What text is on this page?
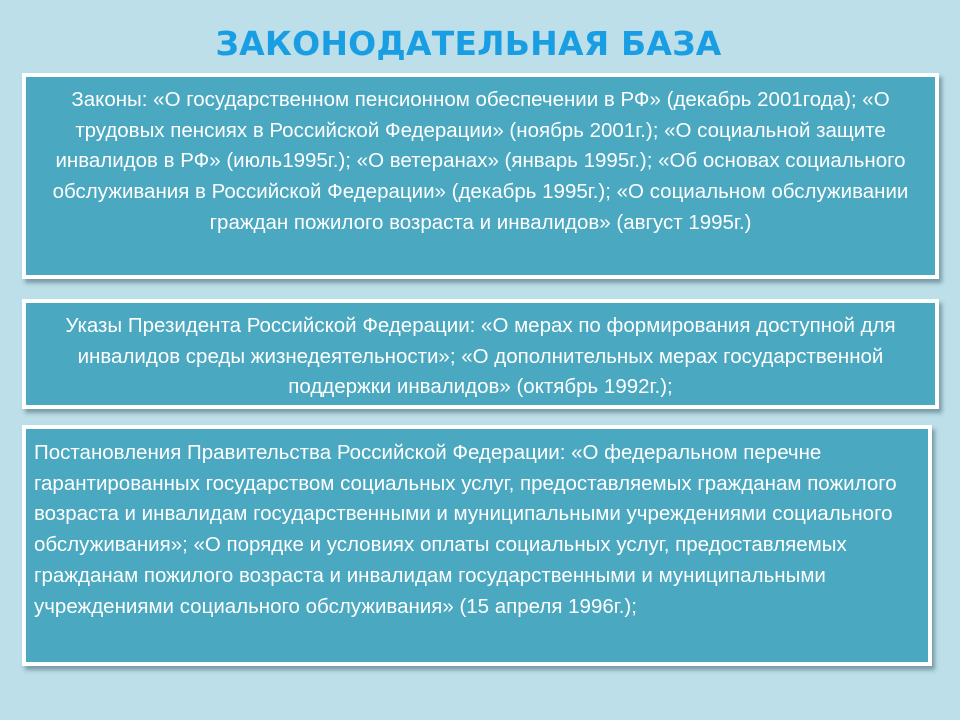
ЗАКОНОДАТЕЛЬНАЯ БАЗА

Законы: «О государственном пенсионном обеспечении в РФ» (декабрь 2001года); «О трудовых пенсиях в Российской Федерации» (ноябрь 2001г.); «О социальной защите инвалидов в РФ» (июль1995г.); «О ветеранах» (январь 1995г.); «Об основах социального обслуживания в Российской Федерации» (декабрь 1995г.); «О социальном обслуживании граждан пожилого возраста и инвалидов» (август 1995г.)

Указы Президента Российской Федерации: «О мерах по формирования доступной для инвалидов среды жизнедеятельности»; «О дополнительных мерах государственной поддержки инвалидов» (октябрь 1992г.);

Постановления Правительства Российской Федерации: «О федеральном перечне гарантированных государством социальных услуг, предоставляемых гражданам пожилого возраста и инвалидам государственными и муниципальными учреждениями социального обслуживания»; «О порядке и условиях оплаты социальных услуг, предоставляемых гражданам пожилого возраста и инвалидам государственными и муниципальными учреждениями социального обслуживания» (15 апреля 1996г.);
